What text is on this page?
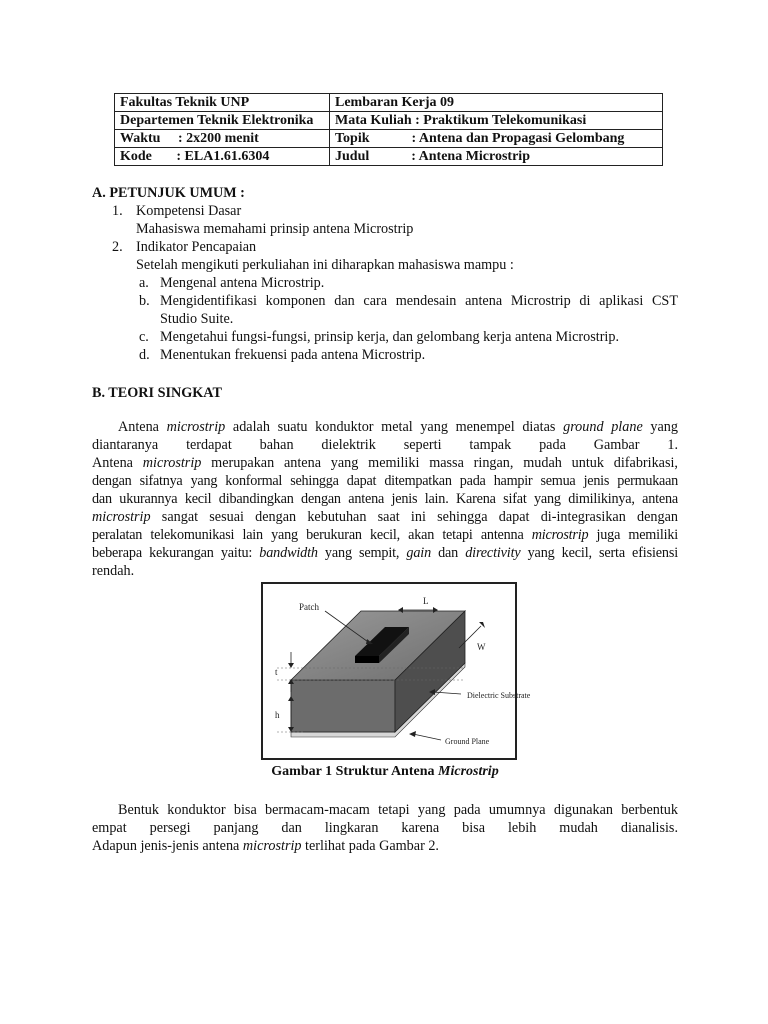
Fakultas Teknik UNP	Lembaran Kerja 09
Departemen Teknik Elektronika	Mata Kuliah : Praktikum Telekomunikasi
Waktu     : 2x200 menit	Topik            : Antena dan Propagasi Gelombang
Kode       : ELA1.61.6304	Judul            : Antena Microstrip
A. PETUNJUK UMUM :
1. Kompetensi Dasar
Mahasiswa memahami prinsip antena Microstrip
2. Indikator Pencapaian
Setelah mengikuti perkuliahan ini diharapkan mahasiswa mampu :
a. Mengenal antena Microstrip.
b. Mengidentifikasi komponen dan cara mendesain antena Microstrip di aplikasi CST
Studio Suite.
c. Mengetahui fungsi-fungsi, prinsip kerja, dan gelombang kerja antena Microstrip.
d. Menentukan frekuensi pada antena Microstrip.
B. TEORI SINGKAT
Antena microstrip adalah suatu konduktor metal yang menempel diatas ground plane yang
diantaranya terdapat bahan dielektrik seperti tampak pada Gambar 1.
Antena microstrip merupakan antena yang memiliki massa ringan, mudah untuk difabrikasi,
dengan sifatnya yang konformal sehingga dapat ditempatkan pada hampir semua jenis permukaan
dan ukurannya kecil dibandingkan dengan antena jenis lain. Karena sifat yang dimilikinya, antena
microstrip sangat sesuai dengan kebutuhan saat ini sehingga dapat di-integrasikan dengan
peralatan telekomunikasi lain yang berukuran kecil, akan tetapi antenna microstrip juga memiliki
beberapa kekurangan yaitu: bandwidth yang sempit, gain dan directivity yang kecil, serta efisiensi
rendah.
Patch
L
W
t
h
Dielectric Substrate
Ground Plane
Gambar 1 Struktur Antena Microstrip
Bentuk konduktor bisa bermacam-macam tetapi yang pada umumnya digunakan berbentuk
empat persegi panjang dan lingkaran karena bisa lebih mudah dianalisis.
Adapun jenis-jenis antena microstrip terlihat pada Gambar 2.
